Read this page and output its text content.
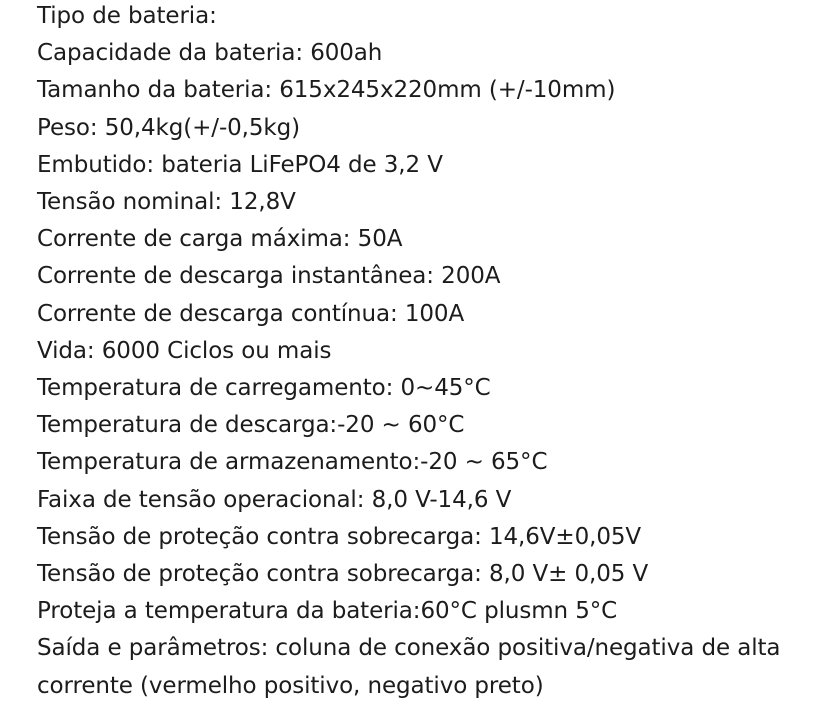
Tipo de bateria:
Capacidade da bateria: 600ah
Tamanho da bateria: 615x245x220mm (+/-10mm)
Peso: 50,4kg(+/-0,5kg)
Embutido: bateria LiFePO4 de 3,2 V
Tensão nominal: 12,8V
Corrente de carga máxima: 50A
Corrente de descarga instantânea: 200A
Corrente de descarga contínua: 100A
Vida: 6000 Ciclos ou mais
Temperatura de carregamento: 0~45°C
Temperatura de descarga:-20 ~ 60°C
Temperatura de armazenamento:-20 ~ 65°C
Faixa de tensão operacional: 8,0 V-14,6 V
Tensão de proteção contra sobrecarga: 14,6V±0,05V
Tensão de proteção contra sobrecarga: 8,0 V± 0,05 V
Proteja a temperatura da bateria:60°C plusmn 5°C
Saída e parâmetros: coluna de conexão positiva/negativa de alta corrente (vermelho positivo, negativo preto)
